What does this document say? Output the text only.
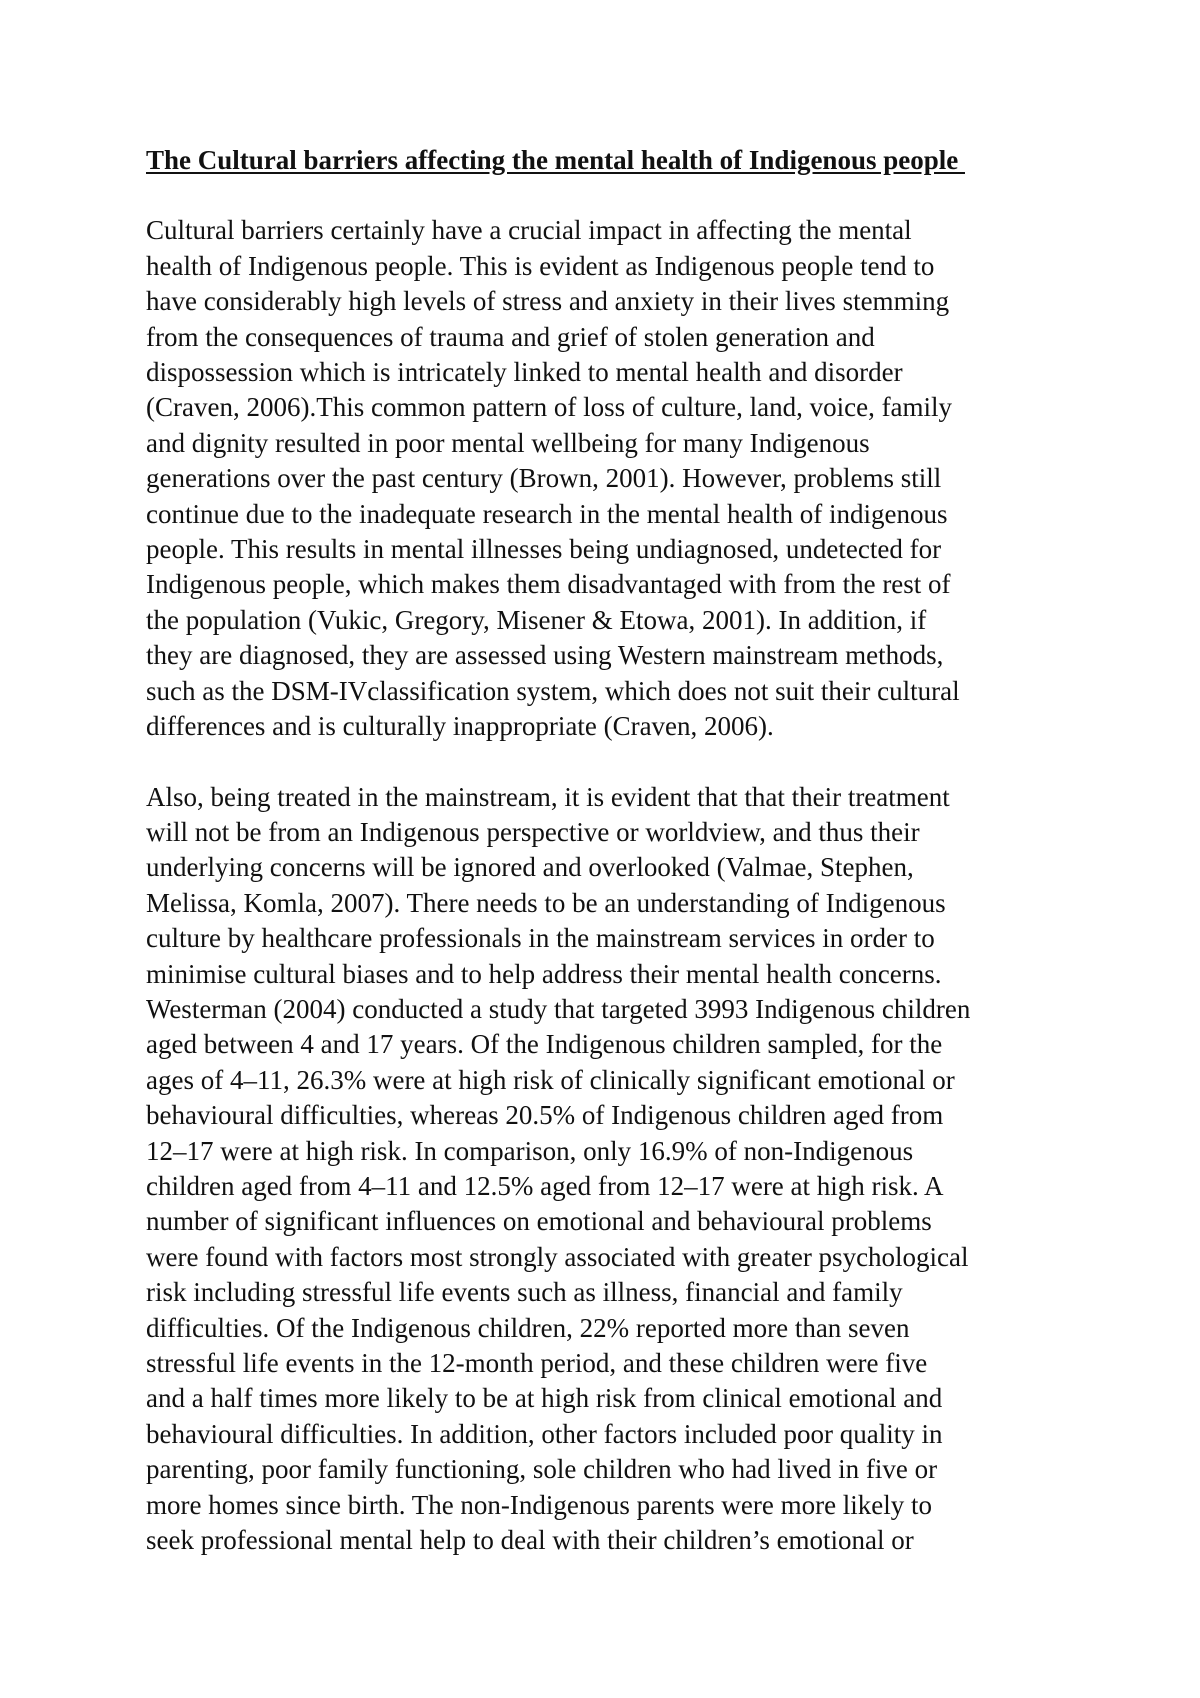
The Cultural barriers affecting the mental health of Indigenous people

Cultural barriers certainly have a crucial impact in affecting the mental
health of Indigenous people. This is evident as Indigenous people tend to
have considerably high levels of stress and anxiety in their lives stemming
from the consequences of trauma and grief of stolen generation and
dispossession which is intricately linked to mental health and disorder
(Craven, 2006).This common pattern of loss of culture, land, voice, family
and dignity resulted in poor mental wellbeing for many Indigenous
generations over the past century (Brown, 2001). However, problems still
continue due to the inadequate research in the mental health of indigenous
people. This results in mental illnesses being undiagnosed, undetected for
Indigenous people, which makes them disadvantaged with from the rest of
the population (Vukic, Gregory, Misener & Etowa, 2001). In addition, if
they are diagnosed, they are assessed using Western mainstream methods,
such as the DSM-IVclassification system, which does not suit their cultural
differences and is culturally inappropriate (Craven, 2006).

Also, being treated in the mainstream, it is evident that that their treatment
will not be from an Indigenous perspective or worldview, and thus their
underlying concerns will be ignored and overlooked (Valmae, Stephen,
Melissa, Komla, 2007). There needs to be an understanding of Indigenous
culture by healthcare professionals in the mainstream services in order to
minimise cultural biases and to help address their mental health concerns.
Westerman (2004) conducted a study that targeted 3993 Indigenous children
aged between 4 and 17 years. Of the Indigenous children sampled, for the
ages of 4–11, 26.3% were at high risk of clinically significant emotional or
behavioural difficulties, whereas 20.5% of Indigenous children aged from
12–17 were at high risk. In comparison, only 16.9% of non-Indigenous
children aged from 4–11 and 12.5% aged from 12–17 were at high risk. A
number of significant influences on emotional and behavioural problems
were found with factors most strongly associated with greater psychological
risk including stressful life events such as illness, financial and family
difficulties. Of the Indigenous children, 22% reported more than seven
stressful life events in the 12-month period, and these children were five
and a half times more likely to be at high risk from clinical emotional and
behavioural difficulties. In addition, other factors included poor quality in
parenting, poor family functioning, sole children who had lived in five or
more homes since birth. The non-Indigenous parents were more likely to
seek professional mental help to deal with their children’s emotional or
